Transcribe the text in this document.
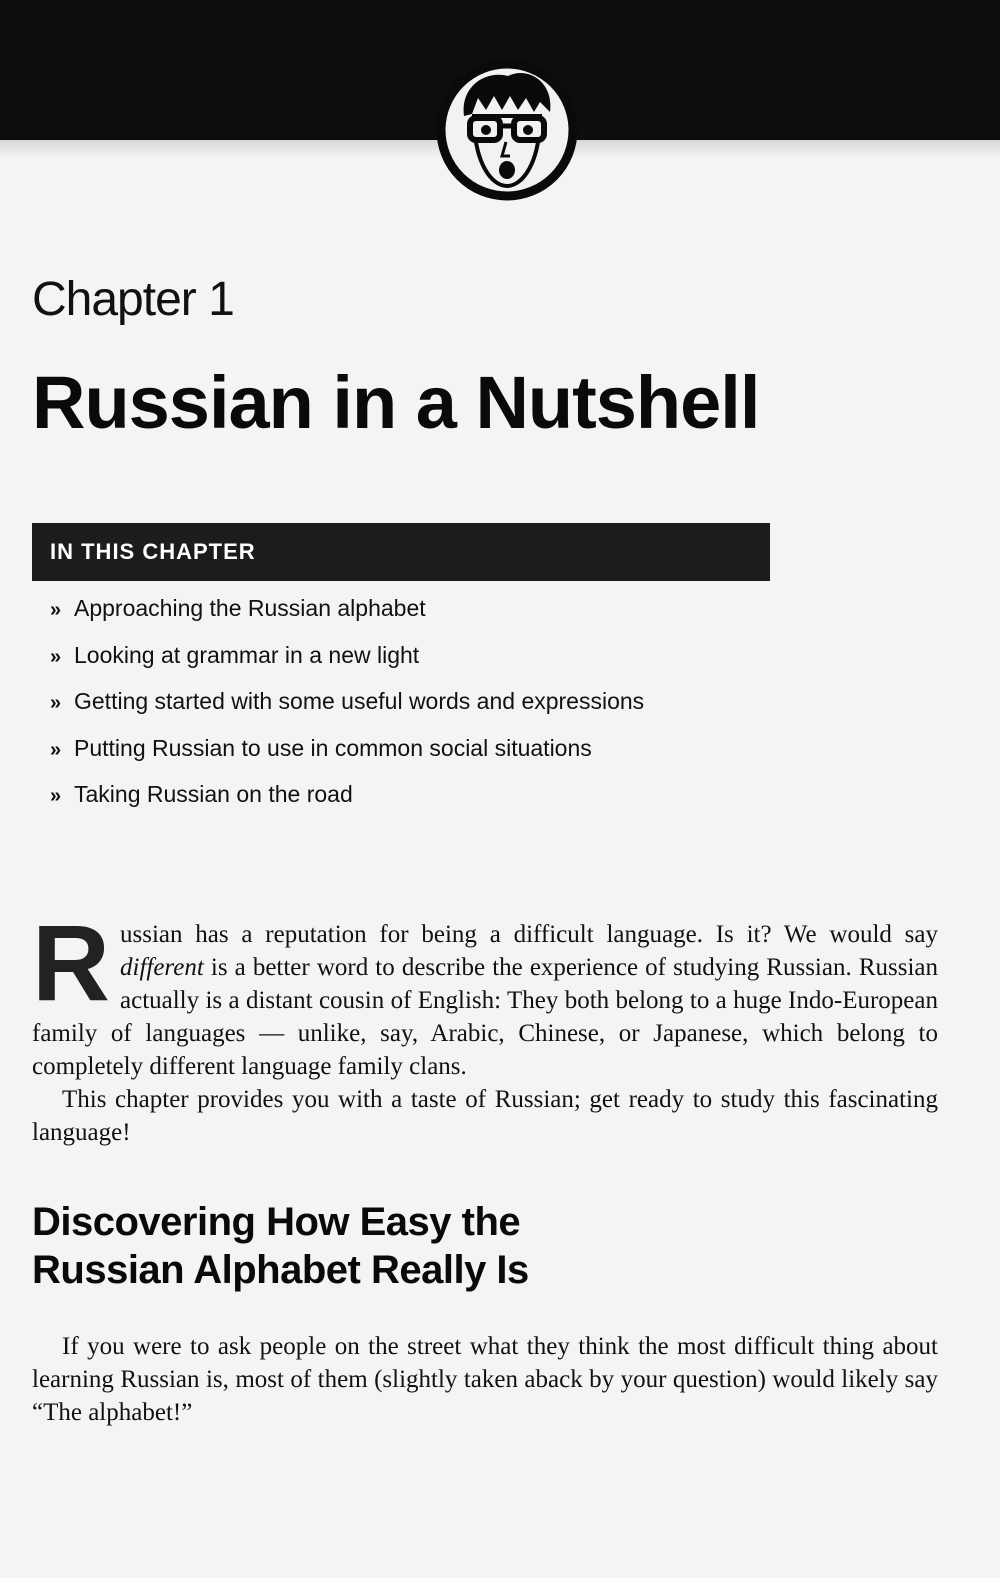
Chapter 1
Russian in a Nutshell
IN THIS CHAPTER
» Approaching the Russian alphabet
» Looking at grammar in a new light
» Getting started with some useful words and expressions
» Putting Russian to use in common social situations
» Taking Russian on the road

Russian has a reputation for being a difficult language. Is it? We would say different is a better word to describe the experience of studying Russian. Russian actually is a distant cousin of English: They both belong to a huge Indo-European family of languages — unlike, say, Arabic, Chinese, or Japanese, which belong to completely different language family clans.

This chapter provides you with a taste of Russian; get ready to study this fascinating language!

Discovering How Easy the
Russian Alphabet Really Is

If you were to ask people on the street what they think the most difficult thing about learning Russian is, most of them (slightly taken aback by your question) would likely say “The alphabet!”
